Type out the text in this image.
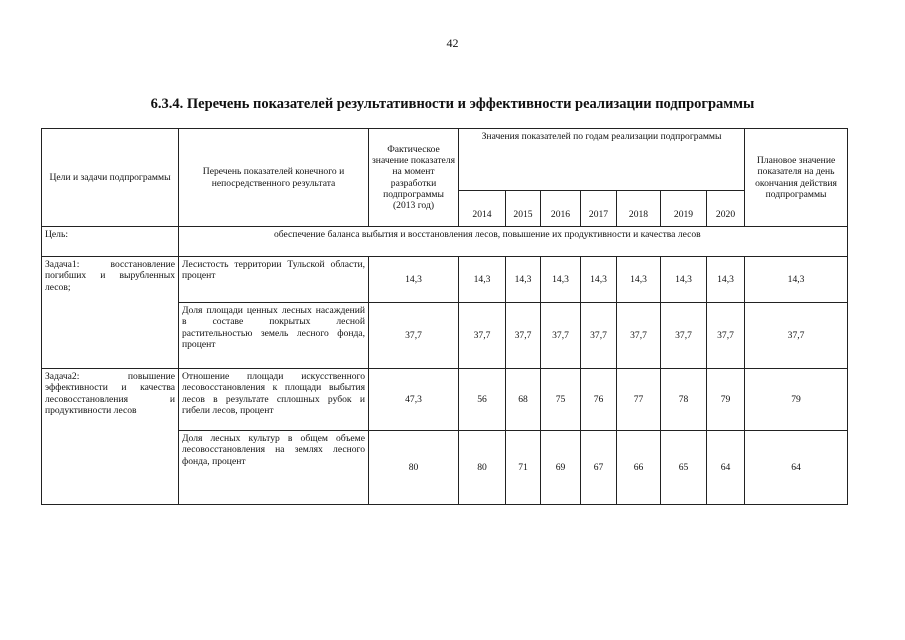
42
6.3.4. Перечень показателей результативности и эффективности реализации подпрограммы
Цели и задачи подпрограммы	Перечень показателей конечного и непосредственного результата	Фактическое значение показателя на момент разработки подпрограммы (2013 год)	Значения показателей по годам реализации подпрограммы							Плановое значение показателя на день окончания действия подпрограммы
			2014	2015	2016	2017	2018	2019	2020	
Цель:	обеспечение баланса выбытия и восстановления лесов, повышение их продуктивности и качества лесов									
Задача1: восстановление погибших и вырубленных лесов;	Лесистость территории Тульской области, процент	14,3	14,3	14,3	14,3	14,3	14,3	14,3	14,3	14,3
	Доля площади ценных лесных насаждений в составе покрытых лесной растительностью земель лесного фонда, процент	37,7	37,7	37,7	37,7	37,7	37,7	37,7	37,7	37,7
Задача2: повышение эффективности и качества лесовосстановления и продуктивности лесов	Отношение площади искусственного лесовосстановления к площади выбытия лесов в результате сплошных рубок и гибели лесов, процент	47,3	56	68	75	76	77	78	79	79
	Доля лесных культур в общем объеме лесовосстановления на землях лесного фонда, процент	80	80	71	69	67	66	65	64	64
